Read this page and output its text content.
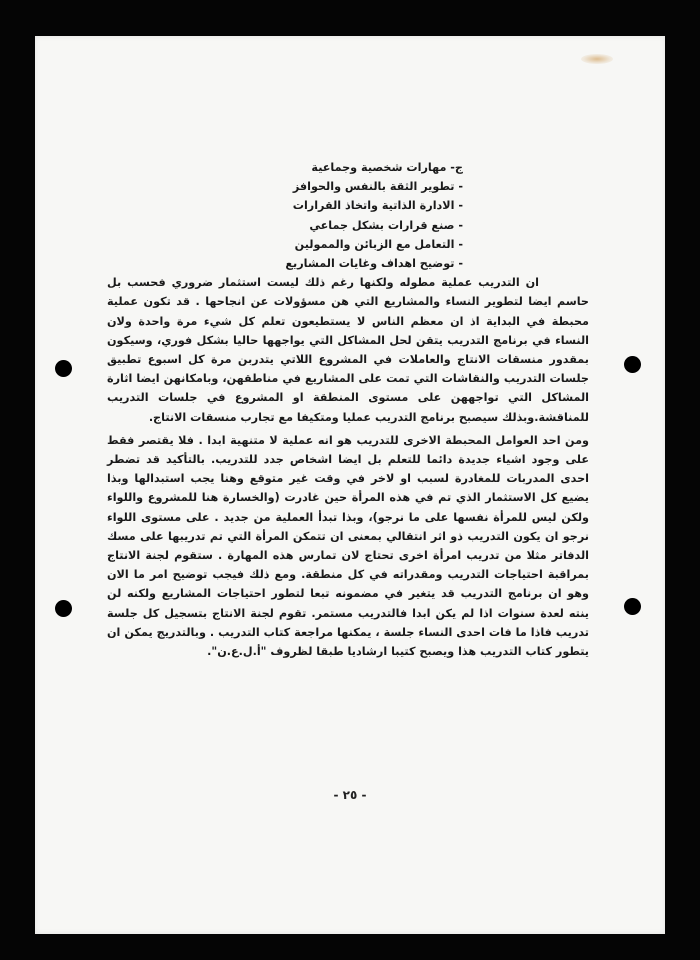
ج- مهارات شخصية وجماعية
- تطوير الثقة بالنفس والحوافز
- الادارة الذاتية واتخاذ القرارات
- صنع قرارات بشكل جماعي
- التعامل مع الزبائن والممولين
- توضيح اهداف وغايات المشاريع

ان التدريب عملية مطوله ولكنها رغم ذلك ليست استثمار ضروري فحسب بل حاسم ايضا لتطوير النساء والمشاريع التي هن مسؤولات عن انجاحها . قد تكون عملية محبطة في البداية اذ ان معظم الناس لا يستطيعون تعلم كل شيء مرة واحدة ولان النساء في برنامج التدريب يتقن لحل المشاكل التي يواجهها حاليا بشكل فوري، وسيكون بمقدور منسقات الانتاج والعاملات في المشروع اللاتي يتدربن مرة كل اسبوع تطبيق جلسات التدريب والنقاشات التي تمت على المشاريع في مناطقهن، وبامكانهن ايضا اثارة المشاكل التي تواجههن على مستوى المنطقة او المشروع في جلسات التدريب للمناقشة.وبذلك سيصبح برنامج التدريب عمليا ومتكيفا مع تجارب منسقات الانتاج.

ومن احد العوامل المحبطة الاخرى للتدريب هو انه عملية لا متنهية ابدا . فلا يقتصر فقط على وجود اشياء جديدة دائما للتعلم بل ايضا اشخاص جدد للتدريب. بالتأكيد قد تضطر احدى المدربات للمغادرة لسبب او لاخر في وقت غير متوقع وهنا يجب استبدالها وبذا يضيع كل الاستثمار الذي تم في هذه المرأة حين غادرت (والخسارة هنا للمشروع واللواء ولكن ليس للمرأة نفسها على ما نرجو)، وبذا تبدأ العملية من جديد . على مستوى اللواء نرجو ان يكون التدريب ذو اثر انتقالي بمعنى ان تتمكن المرأة التي تم تدريبها على مسك الدفاتر مثلا من تدريب امرأة اخرى تحتاج لان تمارس هذه المهارة . ستقوم لجنة الانتاج بمراقبة احتياجات التدريب ومقدراته في كل منطقة. ومع ذلك فيجب توضيح امر ما الان وهو ان برنامج التدريب قد يتغير في مضمونه تبعا لتطور احتياجات المشاريع ولكنه لن ينته لعدة سنوات اذا لم يكن ابدا فالتدريب مستمر. تقوم لجنة الانتاج بتسجيل كل جلسة تدريب فاذا ما فات احدى النساء جلسة ، يمكنها مراجعة كتاب التدريب . وبالتدريج يمكن ان يتطور كتاب التدريب هذا ويصبح كتيبا ارشاديا طبقا لظروف "أ.ل.ع.ن".

- ٢٥ -
